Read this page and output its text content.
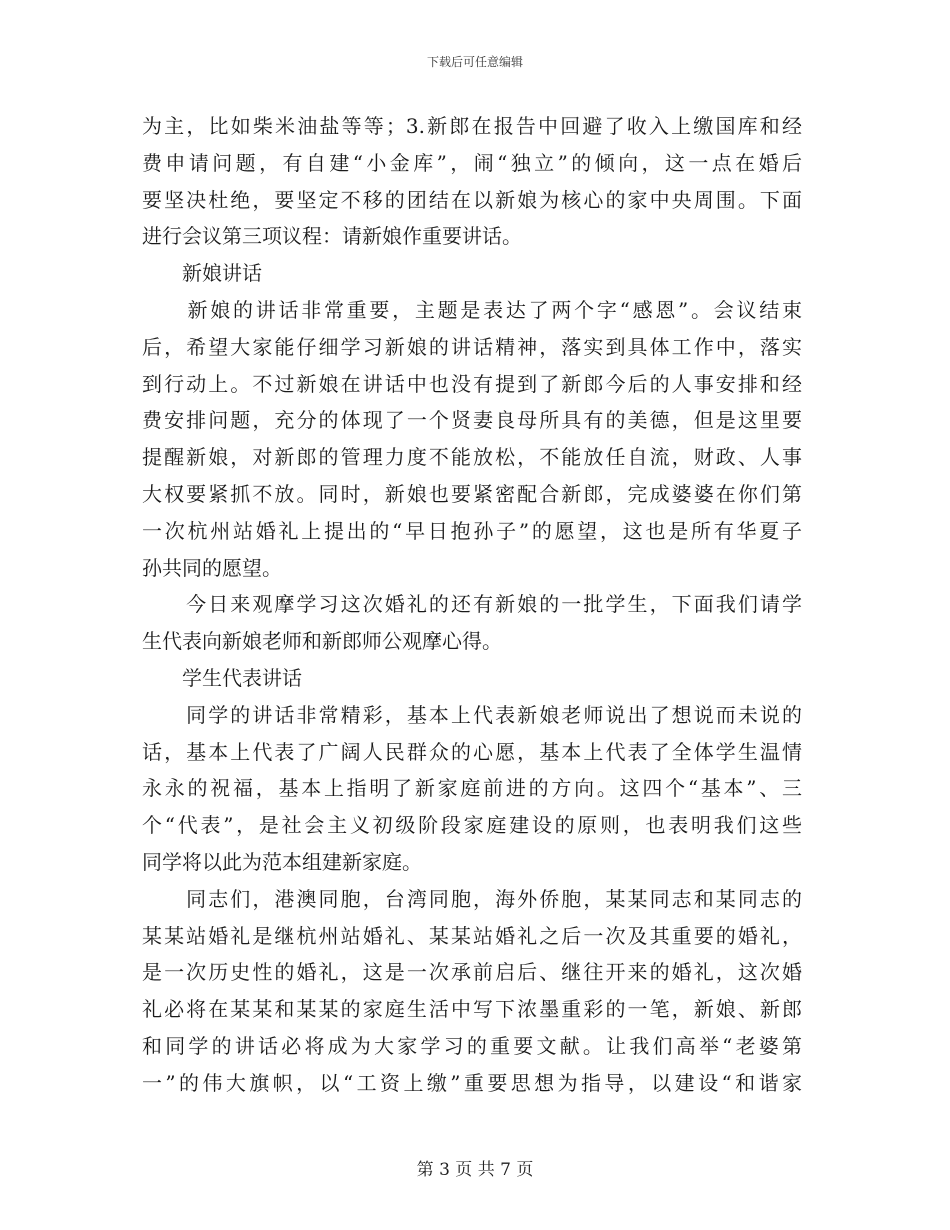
下载后可任意编辑
为主，比如柴米油盐等等；3.新郎在报告中回避了收入上缴国库和经
费申请问题，有自建“小金库”，闹“独立”的倾向，这一点在婚后
要坚决杜绝，要坚定不移的团结在以新娘为核心的家中央周围。下面
进行会议第三项议程：请新娘作重要讲话。
　　新娘讲话
　　新娘的讲话非常重要，主题是表达了两个字“感恩”。会议结束
后，希望大家能仔细学习新娘的讲话精神，落实到具体工作中，落实
到行动上。不过新娘在讲话中也没有提到了新郎今后的人事安排和经
费安排问题，充分的体现了一个贤妻良母所具有的美德，但是这里要
提醒新娘，对新郎的管理力度不能放松，不能放任自流，财政、人事
大权要紧抓不放。同时，新娘也要紧密配合新郎，完成婆婆在你们第
一次杭州站婚礼上提出的“早日抱孙子”的愿望，这也是所有华夏子
孙共同的愿望。
　　今日来观摩学习这次婚礼的还有新娘的一批学生，下面我们请学
生代表向新娘老师和新郎师公观摩心得。
　　学生代表讲话
　　同学的讲话非常精彩，基本上代表新娘老师说出了想说而未说的
话，基本上代表了广阔人民群众的心愿，基本上代表了全体学生温情
永永的祝福，基本上指明了新家庭前进的方向。这四个“基本”、三
个“代表”，是社会主义初级阶段家庭建设的原则，也表明我们这些
同学将以此为范本组建新家庭。
　　同志们，港澳同胞，台湾同胞，海外侨胞，某某同志和某同志的
某某站婚礼是继杭州站婚礼、某某站婚礼之后一次及其重要的婚礼，
是一次历史性的婚礼，这是一次承前启后、继往开来的婚礼，这次婚
礼必将在某某和某某的家庭生活中写下浓墨重彩的一笔，新娘、新郎
和同学的讲话必将成为大家学习的重要文献。让我们高举“老婆第
一”的伟大旗帜，以“工资上缴”重要思想为指导，以建设“和谐家
第 3 页 共 7 页
